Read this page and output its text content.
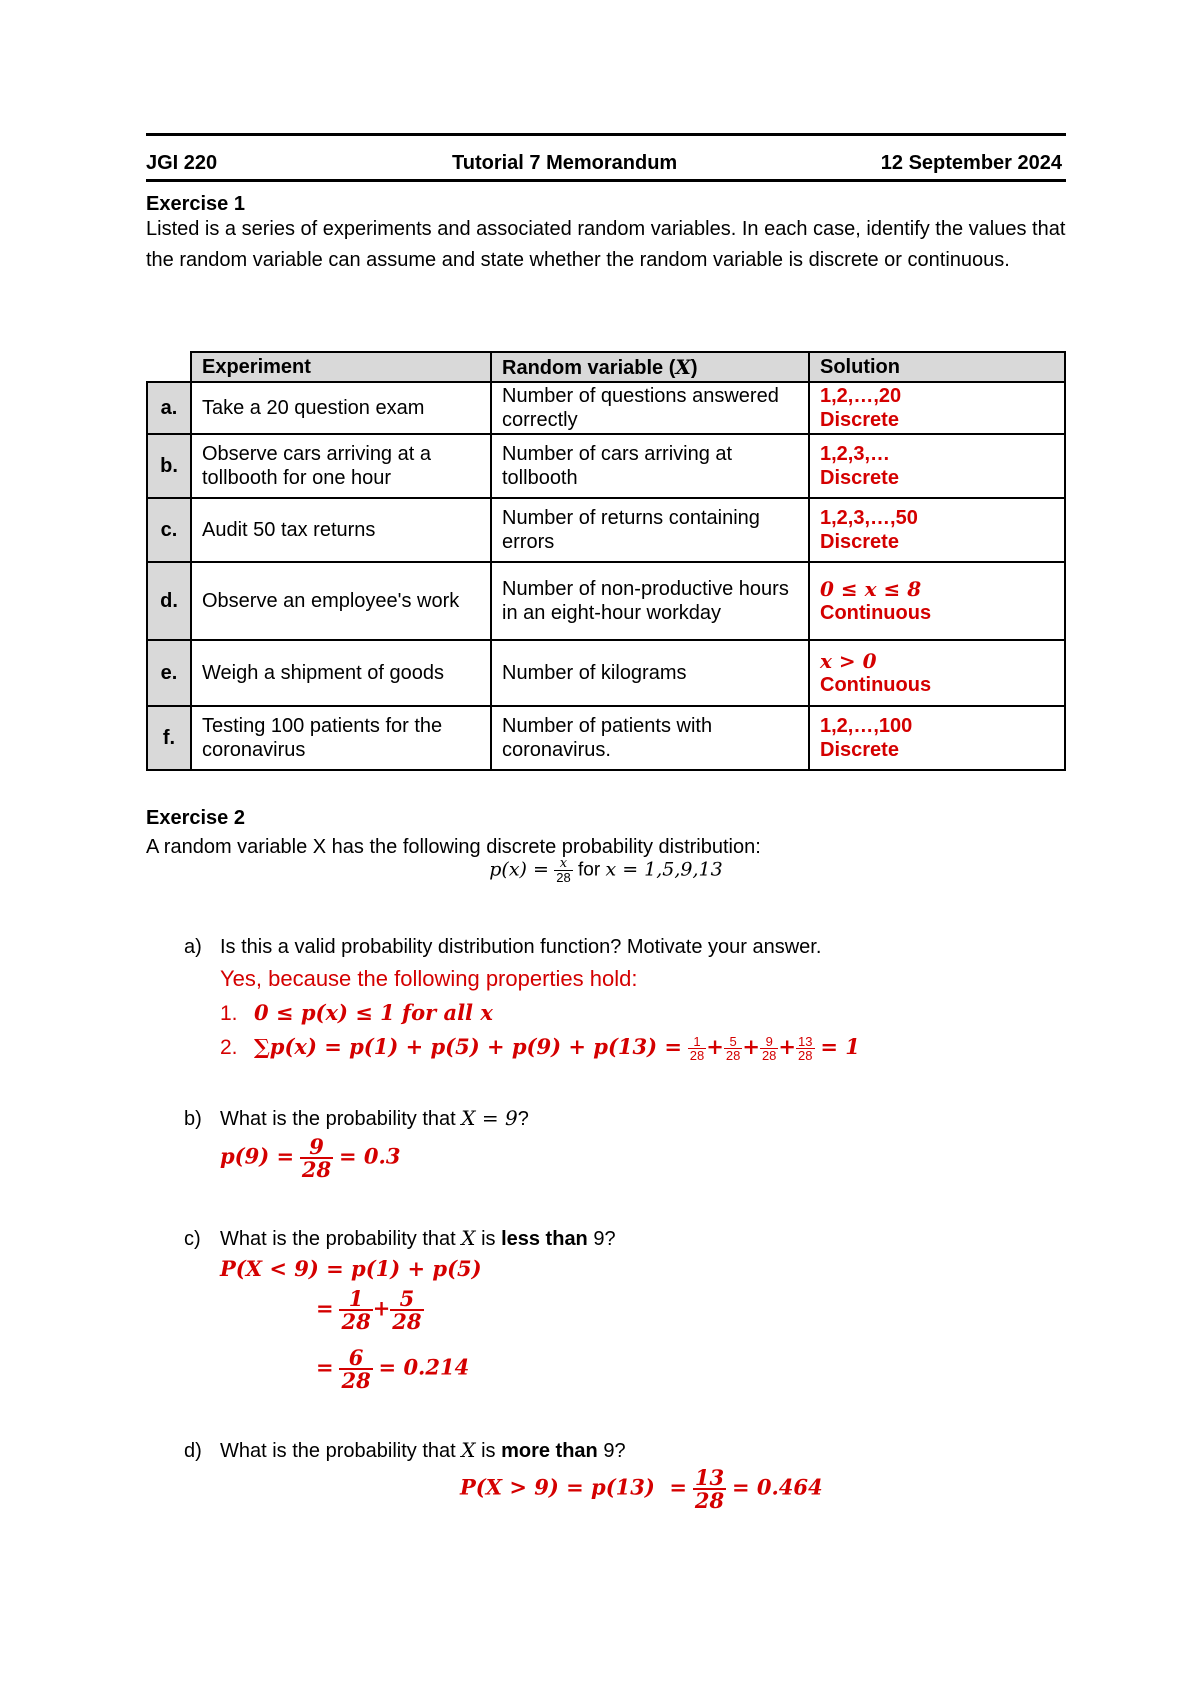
JGI 220	Tutorial 7 Memorandum	12 September 2024
Exercise 1
Listed is a series of experiments and associated random variables. In each case, identify the values that the random variable can assume and state whether the random variable is discrete or continuous.
	Experiment	Random variable (X)	Solution
a.	Take a 20 question exam	Number of questions answered correctly	1,2,…,20
Discrete

b.	Observe cars arriving at a tollbooth for one hour	Number of cars arriving at tollbooth	1,2,3,…
Discrete

c.	Audit 50 tax returns	Number of returns containing errors	1,2,3,…,50
Discrete

d.	Observe an employee's work	Number of non-productive hours in an eight-hour workday	0 ≤ x ≤ 8
Continuous

e.	Weigh a shipment of goods	Number of kilograms	x > 0
Continuous

f.	Testing 100 patients for the coronavirus	Number of patients with coronavirus.	1,2,…,100
Discrete
Exercise 2
A random variable X has the following discrete probability distribution:
$p(x) = \frac{x}{28}$ for x = 1,5,9,13
a) Is this a valid probability distribution function? Motivate your answer.
Yes, because the following properties hold:
1. 0 ≤ p(x) ≤ 1 for all x
2. $\sum p(x) = p(1) + p(5) + p(9) + p(13) = \frac{1}{28} + \frac{5}{28} + \frac{9}{28} + \frac{13}{28} = 1$
b) What is the probability that X = 9?
$p(9) = \frac{9}{28} = 0.3$
c) What is the probability that X is less than 9?
P(X < 9) = p(1) + p(5)
= $\frac{1}{28} + \frac{5}{28}$
= $\frac{6}{28} = 0.214$
d) What is the probability that X is more than 9?
$P(X > 9) = p(13) = \frac{13}{28} = 0.464$
